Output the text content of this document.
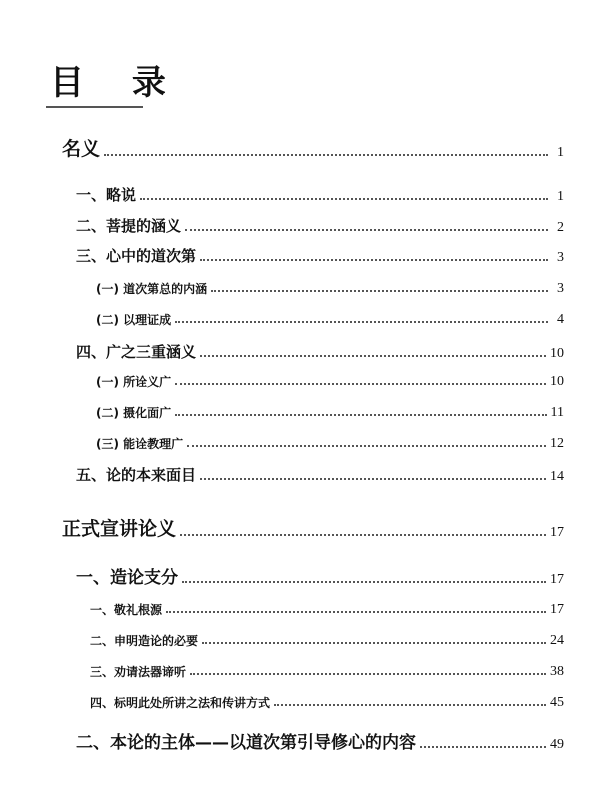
目 录
名义	1
一、略说	1
二、菩提的涵义	2
三、心中的道次第	3
(一) 道次第总的内涵	3
(二) 以理证成	4
四、广之三重涵义	10
(一) 所诠义广	10
(二) 摄化面广	11
(三) 能诠教理广	12
五、论的本来面目	14
正式宣讲论义	17
一、造论支分	17
一、敬礼根源	17
二、申明造论的必要	24
三、劝请法器谛听	38
四、标明此处所讲之法和传讲方式	45
二、本论的主体——以道次第引导修心的内容	49
